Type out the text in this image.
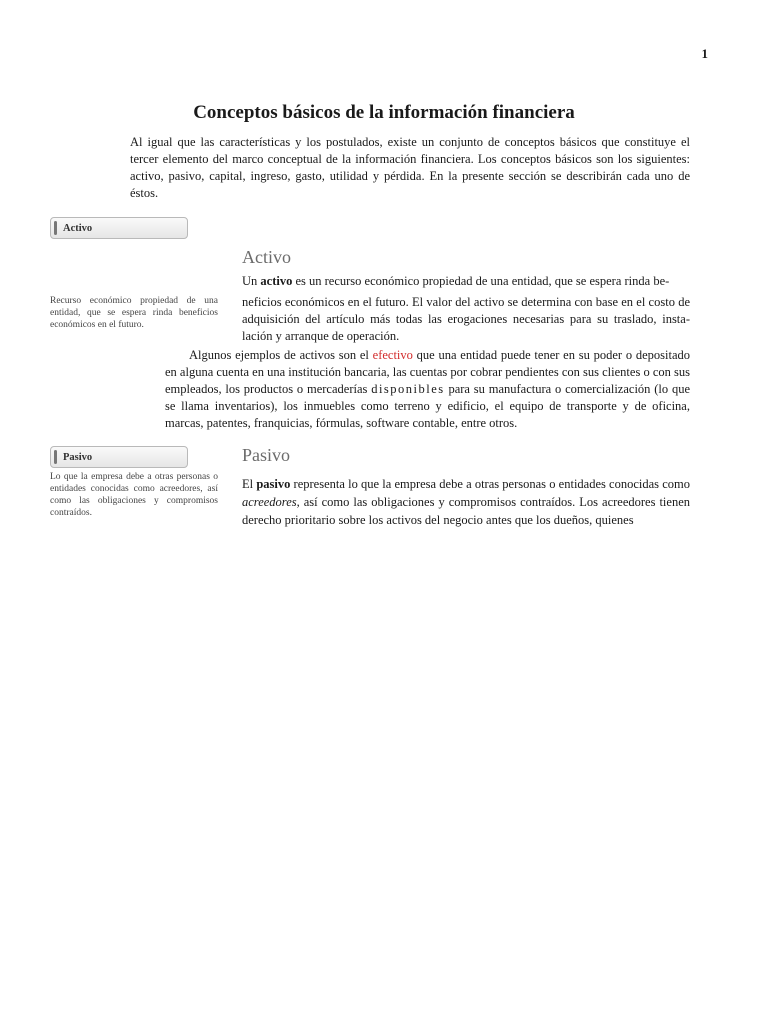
1
Conceptos básicos de la información financiera

Al igual que las características y los postulados, existe un conjunto de conceptos básicos que constituye el tercer elemento del marco conceptual de la información financiera. Los conceptos básicos son los siguientes: activo, pasivo, capital, ingreso, gasto, utilidad y pérdida. En la presente sección se describirán cada uno de éstos.

Activo

Recurso económico propiedad de una entidad, que se espera rinda beneficios económicos en el futuro.

Activo

Un activo es un recurso económico propiedad de una entidad, que se espera rinda be-
neficios económicos en el futuro. El valor del activo se determina con base en el costo de adquisición del artículo más todas las erogaciones necesarias para su traslado, insta- lación y arranque de operación.

Algunos ejemplos de activos son el efectivo que una entidad puede tener en su poder o depositado en alguna cuenta en una institución bancaria, las cuentas por cobrar pendientes con sus clientes o con sus empleados, los productos o mercaderías disponibles para su manufactura o comercialización (lo que se llama inventarios), los inmuebles como terreno y edificio, el equipo de transporte y de oficina, marcas, patentes, franquicias, fórmulas, software contable, entre otros.

Pasivo

Lo que la empresa debe a otras personas o entidades conocidas como acreedores, así como las obligaciones y compromisos contraídos.

Pasivo

El pasivo representa lo que la empresa debe a otras personas o entidades conocidas como acreedores, así como las obligaciones y compromisos contraídos. Los acreedores tienen derecho prioritario sobre los activos del negocio antes que los dueños, quienes
